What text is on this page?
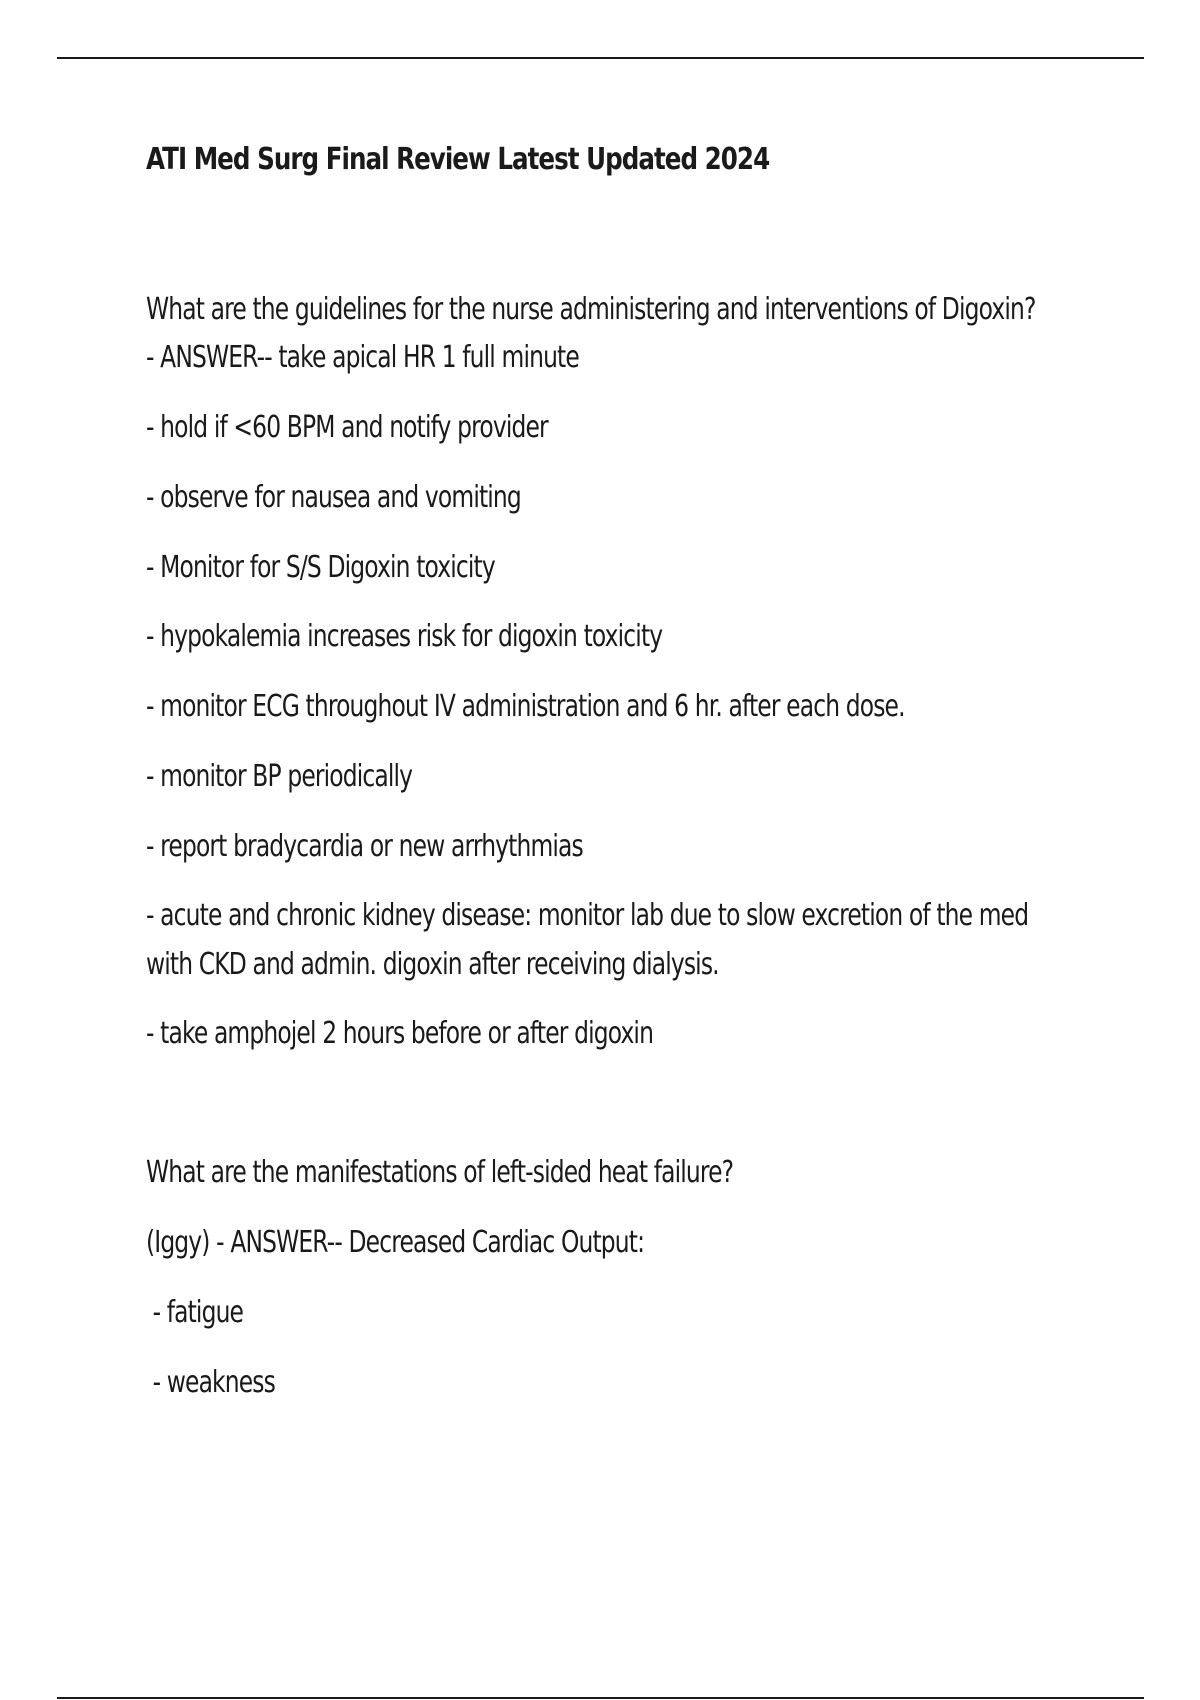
ATI Med Surg Final Review Latest Updated 2024
What are the guidelines for the nurse administering and interventions of Digoxin?
- ANSWER-- take apical HR 1 full minute
- hold if <60 BPM and notify provider
- observe for nausea and vomiting
- Monitor for S/S Digoxin toxicity
- hypokalemia increases risk for digoxin toxicity
- monitor ECG throughout IV administration and 6 hr. after each dose.
- monitor BP periodically
- report bradycardia or new arrhythmias
- acute and chronic kidney disease: monitor lab due to slow excretion of the med
with CKD and admin. digoxin after receiving dialysis.
- take amphojel 2 hours before or after digoxin
What are the manifestations of left-sided heat failure?
(Iggy) - ANSWER-- Decreased Cardiac Output:
- fatigue
- weakness
